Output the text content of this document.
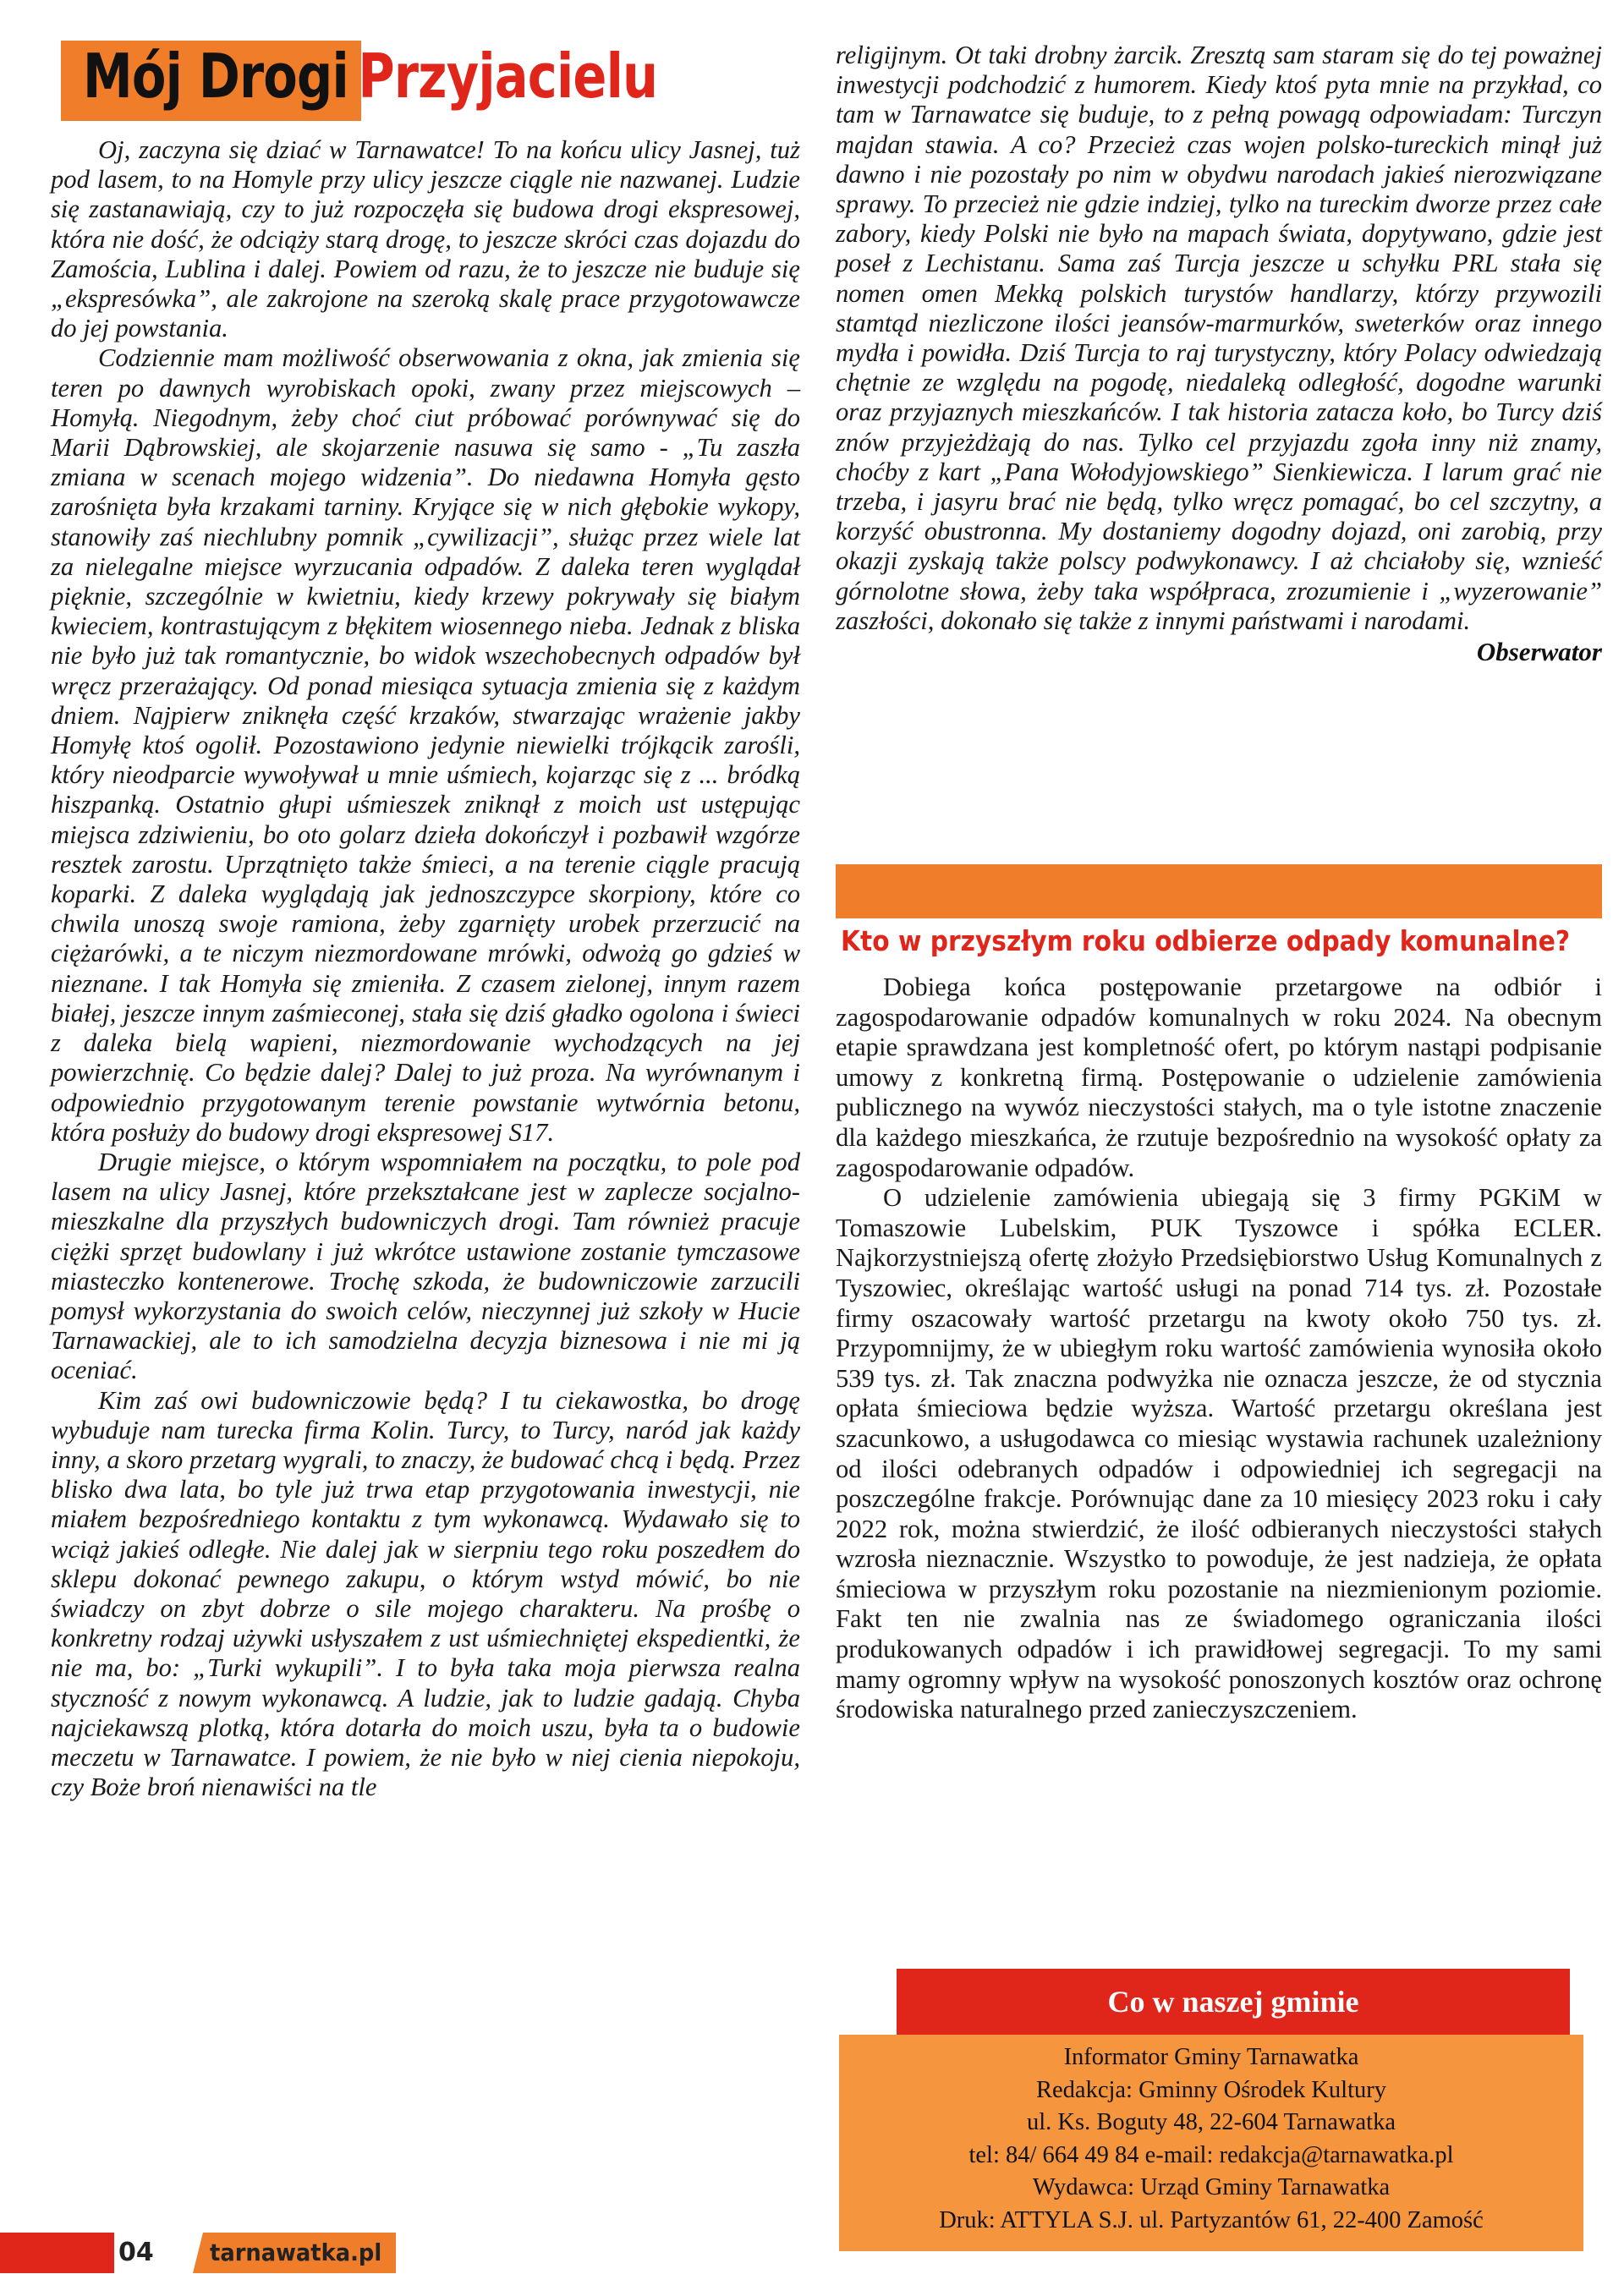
Mój Drogi Przyjacielu

Oj, zaczyna się dziać w Tarnawatce! To na końcu ulicy Jasnej, tuż pod lasem, to na Homyle przy ulicy jeszcze ciągle nie nazwanej. Ludzie się zastanawiają, czy to już rozpoczęła się budowa drogi ekspresowej, która nie dość, że odciąży starą drogę, to jeszcze skróci czas dojazdu do Zamościa, Lublina i dalej. Powiem od razu, że to jeszcze nie buduje się „ekspresówka”, ale zakrojone na szeroką skalę prace przygotowawcze do jej powstania.

Codziennie mam możliwość obserwowania z okna, jak zmienia się teren po dawnych wyrobiskach opoki, zwany przez miejscowych – Homyłą. Niegodnym, żeby choć ciut próbować porównywać się do Marii Dąbrowskiej, ale skojarzenie nasuwa się samo - „Tu zaszła zmiana w scenach mojego widzenia”. Do niedawna Homyła gęsto zarośnięta była krzakami tarniny. Kryjące się w nich głębokie wykopy, stanowiły zaś niechlubny pomnik „cywilizacji”, służąc przez wiele lat za nielegalne miejsce wyrzucania odpadów. Z daleka teren wyglądał pięknie, szczególnie w kwietniu, kiedy krzewy pokrywały się białym kwieciem, kontrastującym z błękitem wiosennego nieba. Jednak z bliska nie było już tak romantycznie, bo widok wszechobecnych odpadów był wręcz przerażający. Od ponad miesiąca sytuacja zmienia się z każdym dniem. Najpierw zniknęła część krzaków, stwarzając wrażenie jakby Homyłę ktoś ogolił. Pozostawiono jedynie niewielki trójkącik zarośli, który nieodparcie wywoływał u mnie uśmiech, kojarząc się z ... bródką hiszpanką. Ostatnio głupi uśmieszek zniknął z moich ust ustępując miejsca zdziwieniu, bo oto golarz dzieła dokończył i pozbawił wzgórze resztek zarostu. Uprzątnięto także śmieci, a na terenie ciągle pracują koparki. Z daleka wyglądają jak jednoszczypce skorpiony, które co chwila unoszą swoje ramiona, żeby zgarnięty urobek przerzucić na ciężarówki, a te niczym niezmordowane mrówki, odwożą go gdzieś w nieznane. I tak Homyła się zmieniła. Z czasem zielonej, innym razem białej, jeszcze innym zaśmieconej, stała się dziś gładko ogolona i świeci z daleka bielą wapieni, niezmordowanie wychodzących na jej powierzchnię. Co będzie dalej? Dalej to już proza. Na wyrównanym i odpowiednio przygotowanym terenie powstanie wytwórnia betonu, która posłuży do budowy drogi ekspresowej S17.

Drugie miejsce, o którym wspomniałem na początku, to pole pod lasem na ulicy Jasnej, które przekształcane jest w zaplecze socjalno-mieszkalne dla przyszłych budowniczych drogi. Tam również pracuje ciężki sprzęt budowlany i już wkrótce ustawione zostanie tymczasowe miasteczko kontenerowe. Trochę szkoda, że budowniczowie zarzucili pomysł wykorzystania do swoich celów, nieczynnej już szkoły w Hucie Tarnawackiej, ale to ich samodzielna decyzja biznesowa i nie mi ją oceniać.

Kim zaś owi budowniczowie będą? I tu ciekawostka, bo drogę wybuduje nam turecka firma Kolin. Turcy, to Turcy, naród jak każdy inny, a skoro przetarg wygrali, to znaczy, że budować chcą i będą. Przez blisko dwa lata, bo tyle już trwa etap przygotowania inwestycji, nie miałem bezpośredniego kontaktu z tym wykonawcą. Wydawało się to wciąż jakieś odległe. Nie dalej jak w sierpniu tego roku poszedłem do sklepu dokonać pewnego zakupu, o którym wstyd mówić, bo nie świadczy on zbyt dobrze o sile mojego charakteru. Na prośbę o konkretny rodzaj używki usłyszałem z ust uśmiechniętej ekspedientki, że nie ma, bo: „Turki wykupili”. I to była taka moja pierwsza realna styczność z nowym wykonawcą. A ludzie, jak to ludzie gadają. Chyba najciekawszą plotką, która dotarła do moich uszu, była ta o budowie meczetu w Tarnawatce. I powiem, że nie było w niej cienia niepokoju, czy Boże broń nienawiści na tle

religijnym. Ot taki drobny żarcik. Zresztą sam staram się do tej poważnej inwestycji podchodzić z humorem. Kiedy ktoś pyta mnie na przykład, co tam w Tarnawatce się buduje, to z pełną powagą odpowiadam: Turczyn majdan stawia. A co? Przecież czas wojen polsko-tureckich minął już dawno i nie pozostały po nim w obydwu narodach jakieś nierozwiązane sprawy. To przecież nie gdzie indziej, tylko na tureckim dworze przez całe zabory, kiedy Polski nie było na mapach świata, dopytywano, gdzie jest poseł z Lechistanu. Sama zaś Turcja jeszcze u schyłku PRL stała się nomen omen Mekką polskich turystów handlarzy, którzy przywozili stamtąd niezliczone ilości jeansów-marmurków, sweterków oraz innego mydła i powidła. Dziś Turcja to raj turystyczny, który Polacy odwiedzają chętnie ze względu na pogodę, niedaleką odległość, dogodne warunki oraz przyjaznych mieszkańców. I tak historia zatacza koło, bo Turcy dziś znów przyjeżdżają do nas. Tylko cel przyjazdu zgoła inny niż znamy, choćby z kart „Pana Wołodyjowskiego” Sienkiewicza. I larum grać nie trzeba, i jasyru brać nie będą, tylko wręcz pomagać, bo cel szczytny, a korzyść obustronna. My dostaniemy dogodny dojazd, oni zarobią, przy okazji zyskają także polscy podwykonawcy. I aż chciałoby się, wznieść górnolotne słowa, żeby taka współpraca, zrozumienie i „wyzerowanie” zaszłości, dokonało się także z innymi państwami i narodami.

Obserwator

Kto w przyszłym roku odbierze odpady komunalne?

Dobiega końca postępowanie przetargowe na odbiór i zagospodarowanie odpadów komunalnych w roku 2024. Na obecnym etapie sprawdzana jest kompletność ofert, po którym nastąpi podpisanie umowy z konkretną firmą. Postępowanie o udzielenie zamówienia publicznego na wywóz nieczystości stałych, ma o tyle istotne znaczenie dla każdego mieszkańca, że rzutuje bezpośrednio na wysokość opłaty za zagospodarowanie odpadów.

O udzielenie zamówienia ubiegają się 3 firmy PGKiM w Tomaszowie Lubelskim, PUK Tyszowce i spółka ECLER. Najkorzystniejszą ofertę złożyło Przedsiębiorstwo Usług Komunalnych z Tyszowiec, określając wartość usługi na ponad 714 tys. zł. Pozostałe firmy oszacowały wartość przetargu na kwoty około 750 tys. zł. Przypomnijmy, że w ubiegłym roku wartość zamówienia wynosiła około 539 tys. zł. Tak znaczna podwyżka nie oznacza jeszcze, że od stycznia opłata śmieciowa będzie wyższa. Wartość przetargu określana jest szacunkowo, a usługodawca co miesiąc wystawia rachunek uzależniony od ilości odebranych odpadów i odpowiedniej ich segregacji na poszczególne frakcje. Porównując dane za 10 miesięcy 2023 roku i cały 2022 rok, można stwierdzić, że ilość odbieranych nieczystości stałych wzrosła nieznacznie. Wszystko to powoduje, że jest nadzieja, że opłata śmieciowa w przyszłym roku pozostanie na niezmienionym poziomie. Fakt ten nie zwalnia nas ze świadomego ograniczania ilości produkowanych odpadów i ich prawidłowej segregacji. To my sami mamy ogromny wpływ na wysokość ponoszonych kosztów oraz ochronę środowiska naturalnego przed zanieczyszczeniem.

Co w naszej gminie
Informator Gminy Tarnawatka
Redakcja: Gminny Ośrodek Kultury
ul. Ks. Boguty 48, 22-604 Tarnawatka
tel: 84/ 664 49 84 e-mail: redakcja@tarnawatka.pl
Wydawca: Urząd Gminy Tarnawatka
Druk: ATTYLA S.J. ul. Partyzantów 61, 22-400 Zamość
04 tarnawatka.pl
